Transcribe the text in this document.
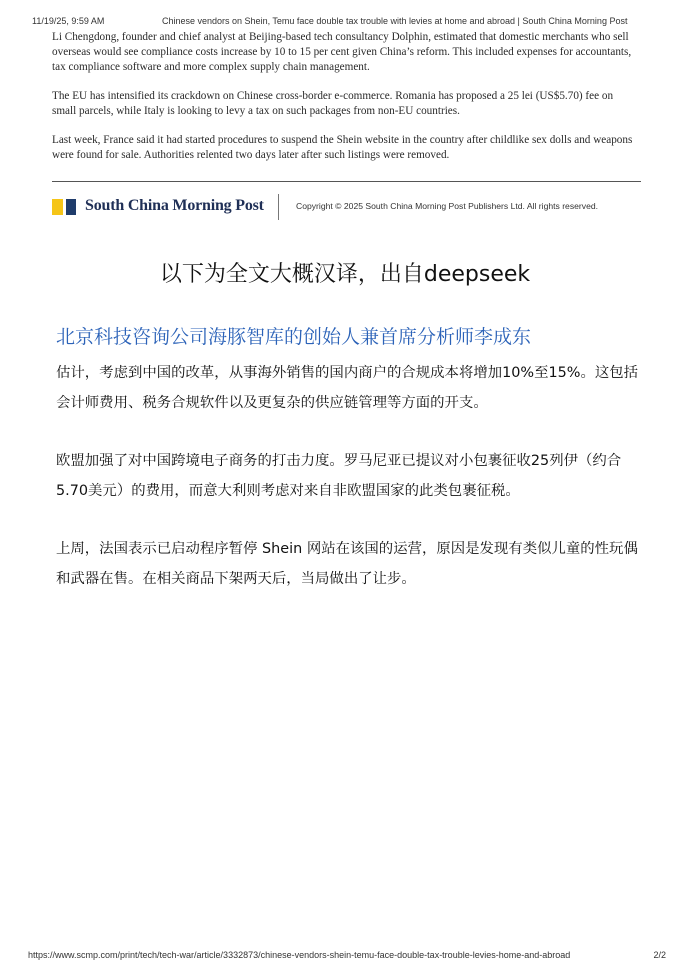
11/19/25, 9:59 AM	Chinese vendors on Shein, Temu face double tax trouble with levies at home and abroad | South China Morning Post

Li Chengdong, founder and chief analyst at Beijing-based tech consultancy Dolphin, estimated that domestic merchants who sell overseas would see compliance costs increase by 10 to 15 per cent given China’s reform. This included expenses for accountants, tax compliance software and more complex supply chain management.

The EU has intensified its crackdown on Chinese cross-border e-commerce. Romania has proposed a 25 lei (US$5.70) fee on small parcels, while Italy is looking to levy a tax on such packages from non-EU countries.

Last week, France said it had started procedures to suspend the Shein website in the country after childlike sex dolls and weapons were found for sale. Authorities relented two days later after such listings were removed.

South China Morning Post	Copyright © 2025 South China Morning Post Publishers Ltd. All rights reserved.
以下为全文大概汉译，出自deepseek
北京科技咨询公司海豚智库的创始人兼首席分析师李成东

估计，考虑到中国的改革，从事海外销售的国内商户的合规成本将增加10%至15%。这包括会计师费用、税务合规软件以及更复杂的供应链管理等方面的开支。

欧盟加强了对中国跨境电子商务的打击力度。罗马尼亚已提议对小包裹征收25列伊（约合5.70美元）的费用，而意大利则考虑对来自非欧盟国家的此类包裹征税。

上周，法国表示已启动程序暂停 Shein 网站在该国的运营，原因是发现有类似儿童的性玩偶和武器在售。在相关商品下架两天后，当局做出了让步。

https://www.scmp.com/print/tech/tech-war/article/3332873/chinese-vendors-shein-temu-face-double-tax-trouble-levies-home-and-abroad	2/2
